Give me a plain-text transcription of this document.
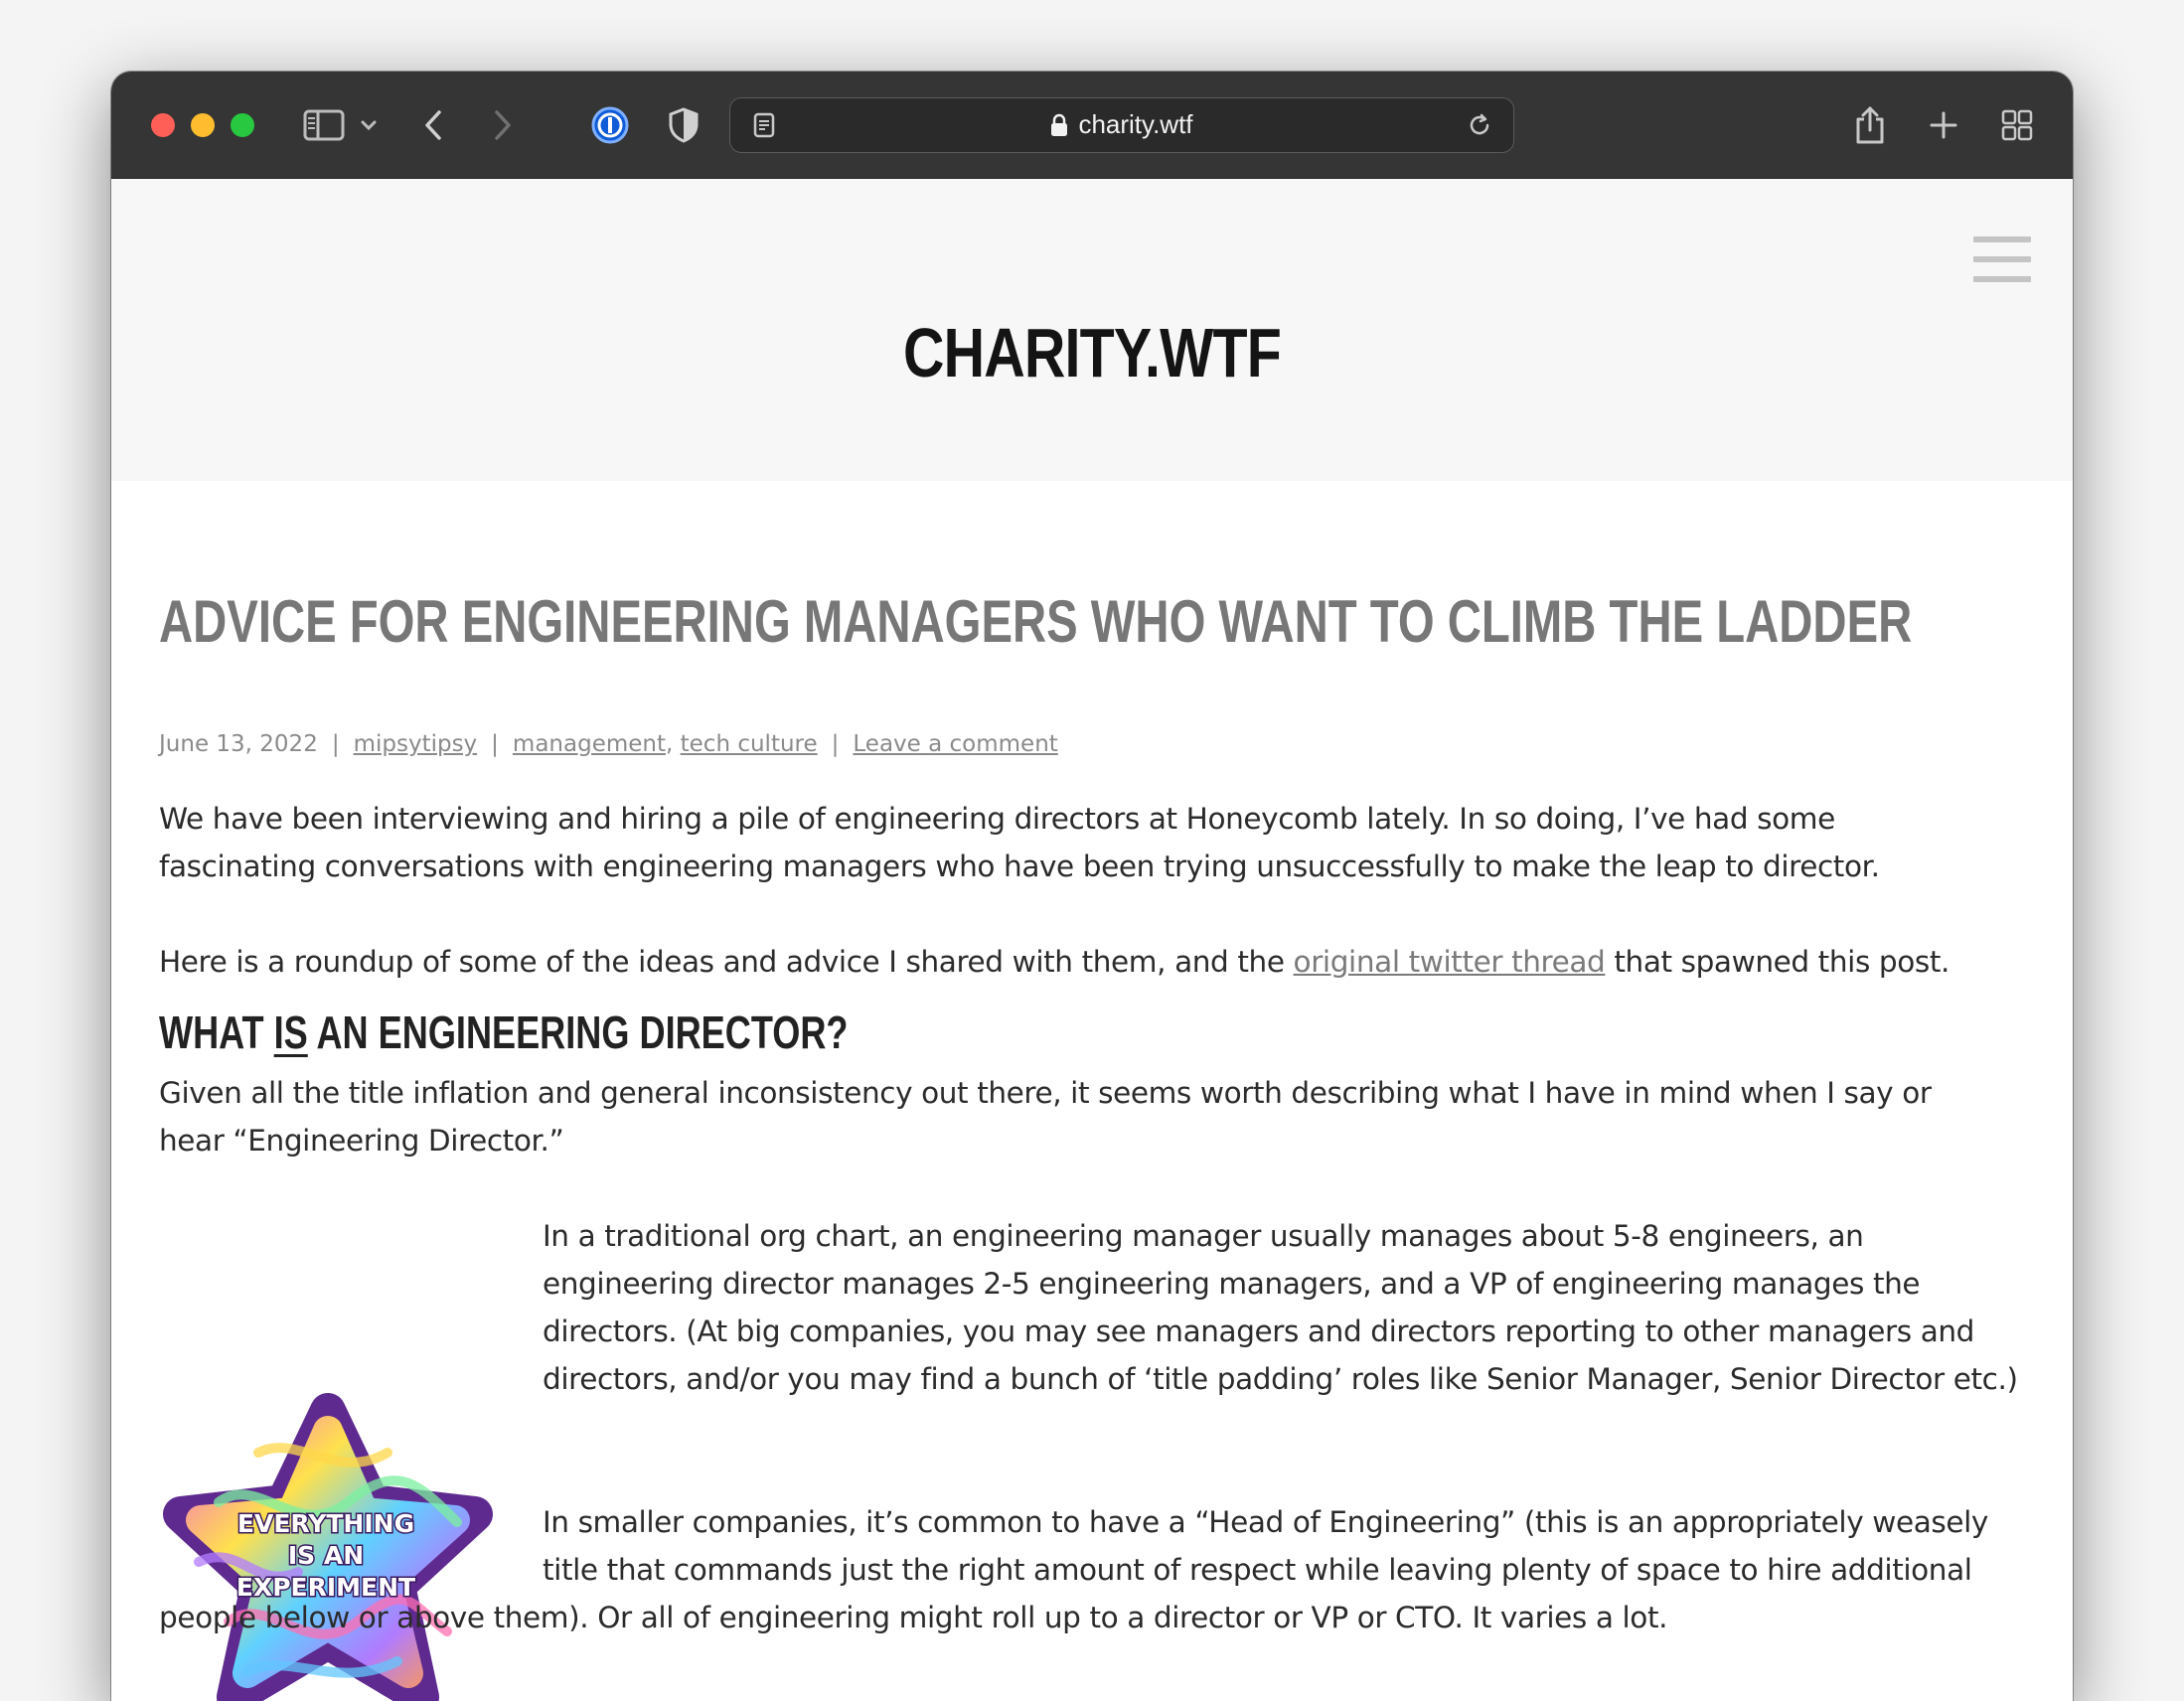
charity.wtf
CHARITY.WTF
ADVICE FOR ENGINEERING MANAGERS WHO WANT TO CLIMB THE LADDER
June 13, 2022 | mipsytipsy | management, tech culture | Leave a comment

We have been interviewing and hiring a pile of engineering directors at Honeycomb lately. In so doing, I’ve had some fascinating conversations with engineering managers who have been trying unsuccessfully to make the leap to director.

Here is a roundup of some of the ideas and advice I shared with them, and the original twitter thread that spawned this post.

WHAT IS AN ENGINEERING DIRECTOR?

Given all the title inflation and general inconsistency out there, it seems worth describing what I have in mind when I say or hear “Engineering Director.”

EVERYTHING
IS AN
EXPERIMENT

In a traditional org chart, an engineering manager usually manages about 5-8 engineers, an engineering director manages 2-5 engineering managers, and a VP of engineering manages the directors. (At big companies, you may see managers and directors reporting to other managers and directors, and/or you may find a bunch of ‘title padding’ roles like Senior Manager, Senior Director etc.)

In smaller companies, it’s common to have a “Head of Engineering” (this is an appropriately weasely

title that commands just the right amount of respect while leaving plenty of space to hire additional

people below or above them). Or all of engineering might roll up to a director or VP or CTO. It varies a lot.
